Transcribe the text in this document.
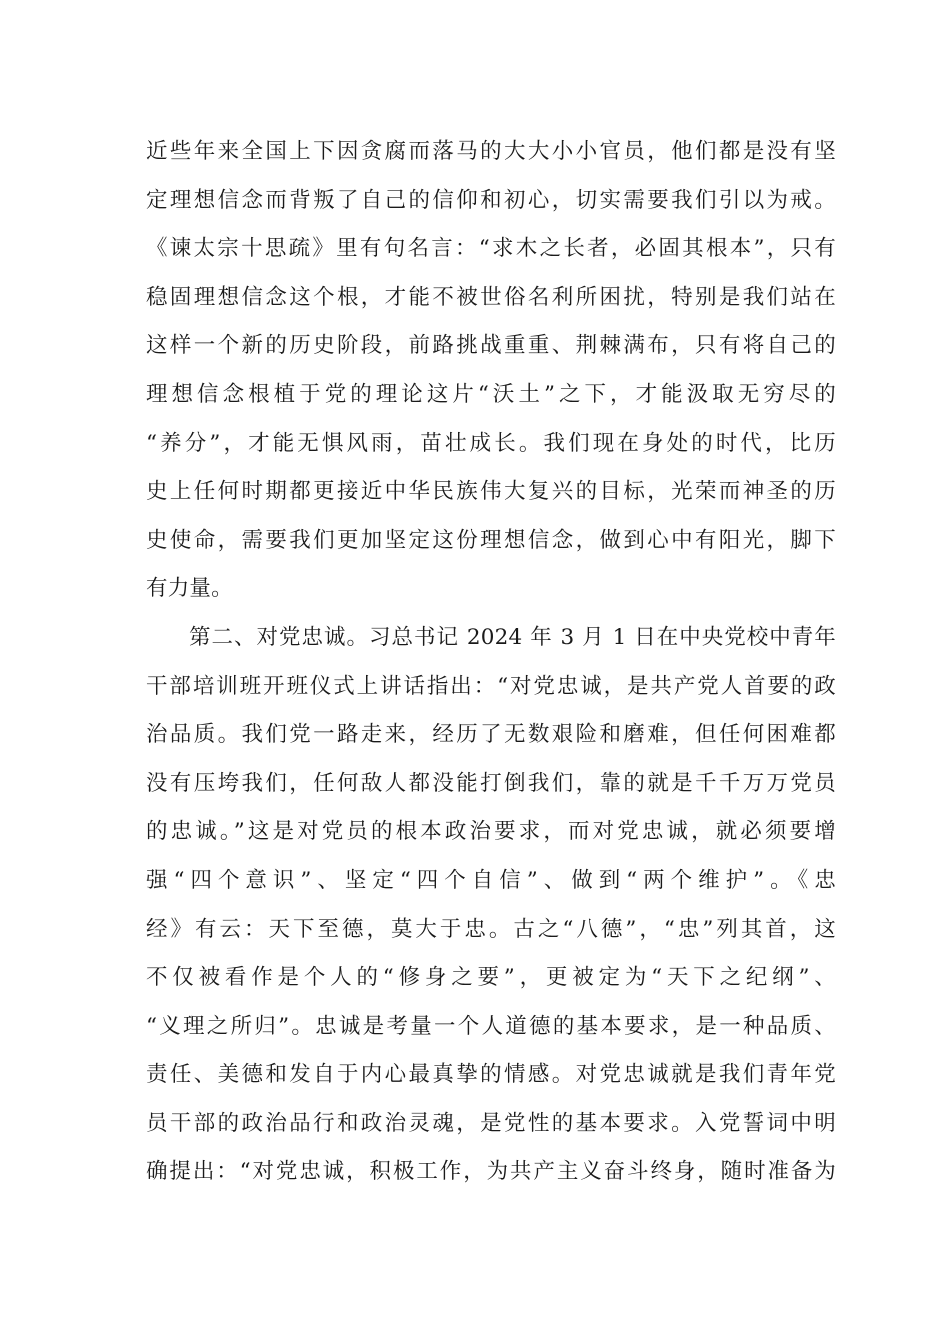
近些年来全国上下因贪腐而落马的大大小小官员，他们都是没有坚
定理想信念而背叛了自己的信仰和初心，切实需要我们引以为戒。
《谏太宗十思疏》里有句名言：“求木之长者，必固其根本”，只有
稳固理想信念这个根，才能不被世俗名利所困扰，特别是我们站在
这样一个新的历史阶段，前路挑战重重、荆棘满布，只有将自己的
理想信念根植于党的理论这片“沃土”之下，才能汲取无穷尽的
“养分”，才能无惧风雨，苗壮成长。我们现在身处的时代，比历
史上任何时期都更接近中华民族伟大复兴的目标，光荣而神圣的历
史使命，需要我们更加坚定这份理想信念，做到心中有阳光，脚下
有力量。
第二、对党忠诚。习总书记 2024 年 3 月 1 日在中央党校中青年
干部培训班开班仪式上讲话指出：“对党忠诚，是共产党人首要的政
治品质。我们党一路走来，经历了无数艰险和磨难，但任何困难都
没有压垮我们，任何敌人都没能打倒我们，靠的就是千千万万党员
的忠诚。”这是对党员的根本政治要求，而对党忠诚，就必须要增
强“四个意识”、坚定“四个自信”、做到“两个维护”。《忠
经》有云：天下至德，莫大于忠。古之“八德”，“忠”列其首，这
不仅被看作是个人的“修身之要”，更被定为“天下之纪纲”、
“义理之所归”。忠诚是考量一个人道德的基本要求，是一种品质、
责任、美德和发自于内心最真挚的情感。对党忠诚就是我们青年党
员干部的政治品行和政治灵魂，是党性的基本要求。入党誓词中明
确提出：“对党忠诚，积极工作，为共产主义奋斗终身，随时准备为
